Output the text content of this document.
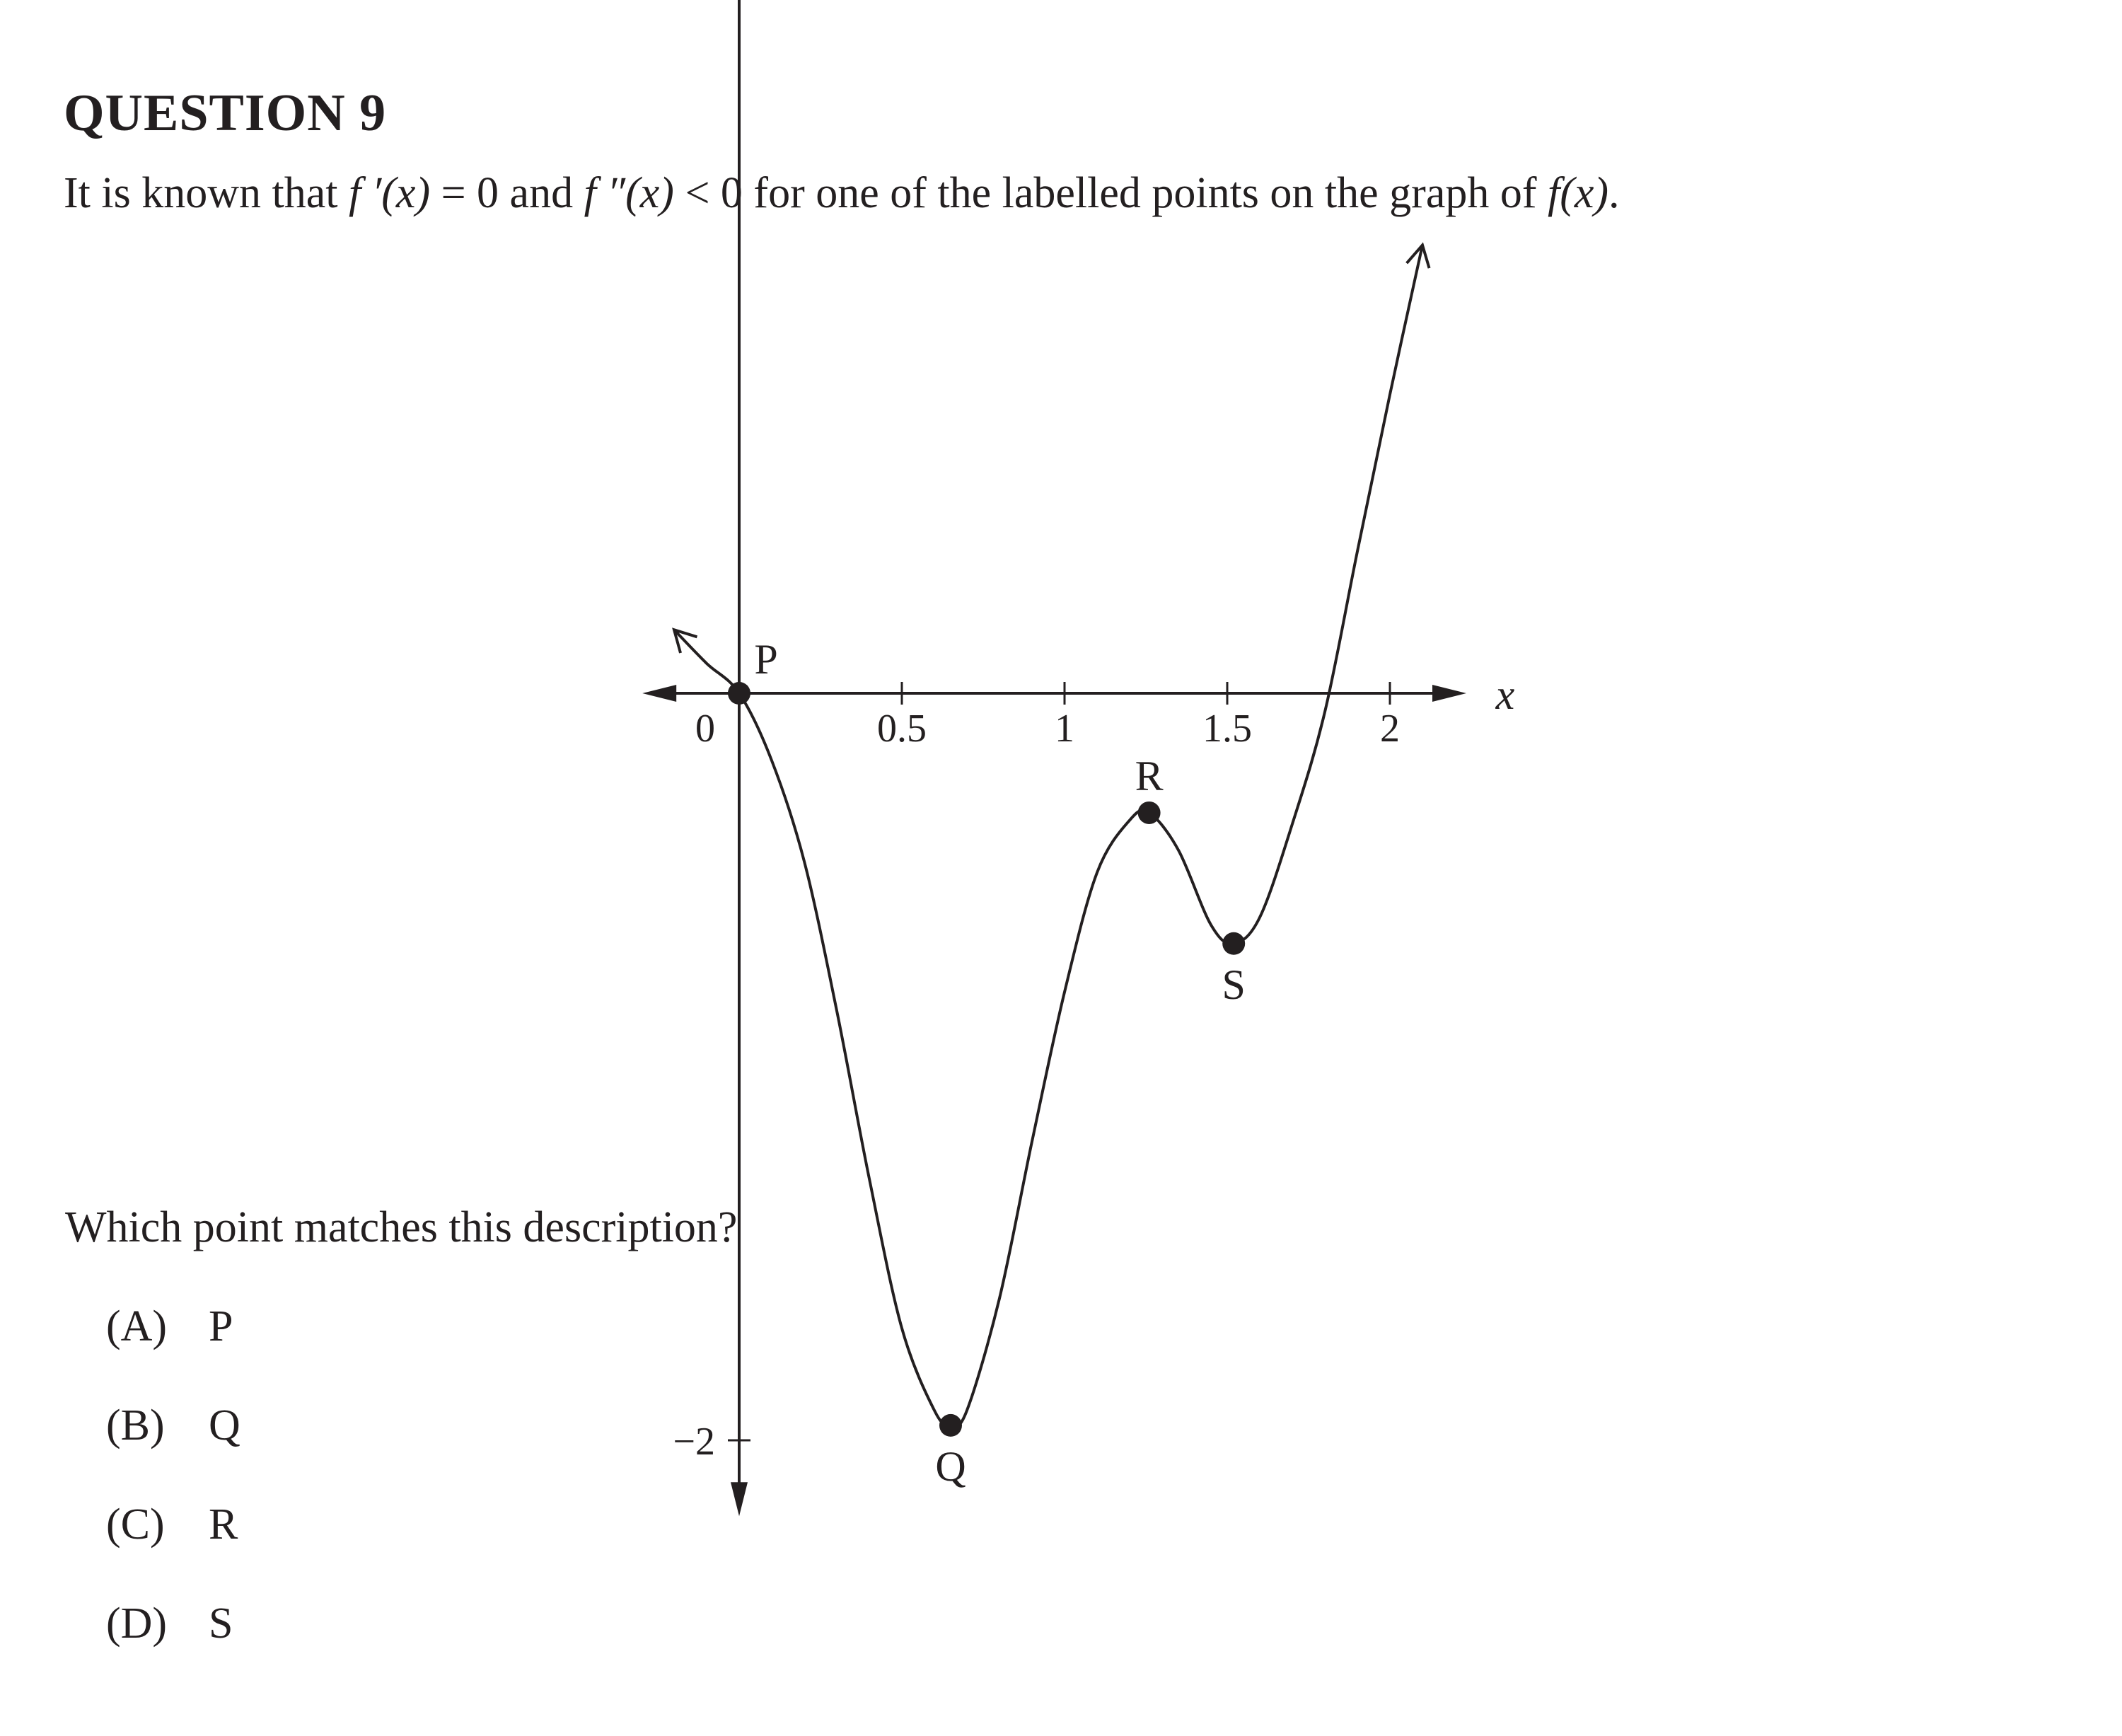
QUESTION 9
It is known that f ′(x) = 0 and f ″(x) < 0 for one of the labelled points on the graph of f(x).
x
0.5	1	1.5	2
−2
0
P
Q
R
S
Which point matches this description?
(A) P
(B) Q
(C) R
(D) S
